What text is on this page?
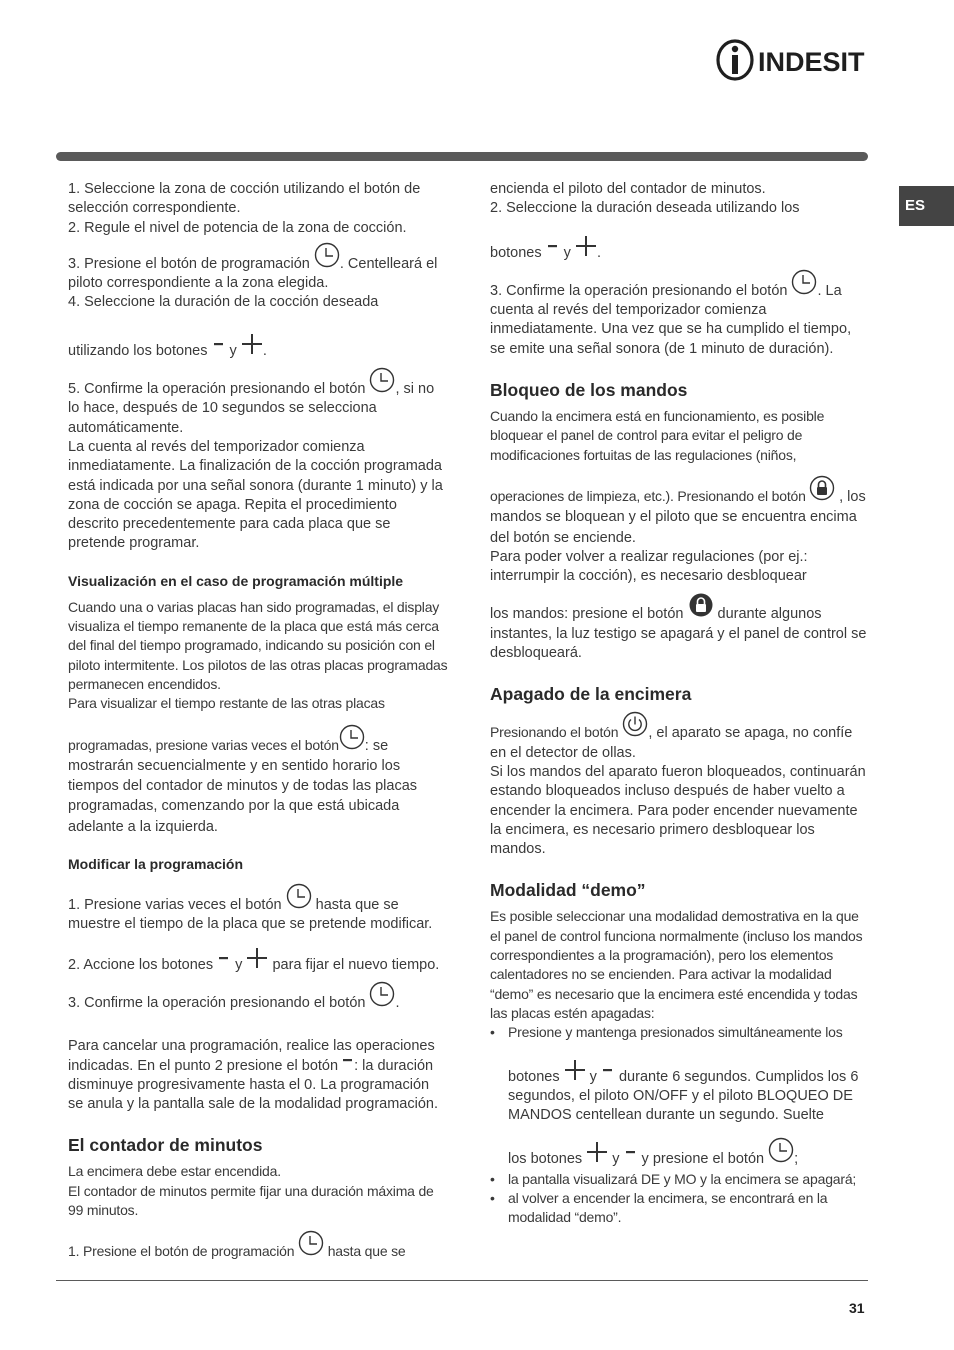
INDESIT
ES

1. Seleccione la zona de cocción utilizando el botón de selección correspondiente.

2. Regule el nivel de potencia de la zona de cocción.

3. Presione el botón de programación . Centelleará el piloto correspondiente a la zona elegida.

4. Seleccione la duración de la cocción deseada

utilizando los botones y .

5. Confirme la operación presionando el botón , si no lo hace, después de 10 segundos se selecciona automáticamente.

La cuenta al revés del temporizador comienza inmediatamente. La finalización de la cocción programada está indicada por una señal sonora (durante 1 minuto) y la zona de cocción se apaga. Repita el procedimiento descrito precedentemente para cada placa que se pretende programar.

Visualización en el caso de programación múltiple

Cuando una o varias placas han sido programadas, el display visualiza el tiempo remanente de la placa que está más cerca del final del tiempo programado, indicando su posición con el piloto intermitente. Los pilotos de las otras placas programadas permanecen encendidos.

Para visualizar el tiempo restante de las otras placas

programadas, presione varias veces el botón : se mostrarán secuencialmente y en sentido horario los tiempos del contador de minutos y de todas las placas programadas, comenzando por la que está ubicada adelante a la izquierda.

Modificar la programación

1. Presione varias veces el botón hasta que se muestre el tiempo de la placa que se pretende modificar.

2. Accione los botones y para fijar el nuevo tiempo.

3. Confirme la operación presionando el botón .

Para cancelar una programación, realice las operaciones indicadas. En el punto 2 presione el botón : la duración disminuye progresivamente hasta el 0. La programación se anula y la pantalla sale de la modalidad programación.

El contador de minutos

La encimera debe estar encendida.

El contador de minutos permite fijar una duración máxima de 99 minutos.

1. Presione el botón de programación hasta que se

encienda el piloto del contador de minutos.

2. Seleccione la duración deseada utilizando los

botones y .

3. Confirme la operación presionando el botón . La cuenta al revés del temporizador comienza inmediatamente. Una vez que se ha cumplido el tiempo, se emite una señal sonora (de 1 minuto de duración).

Bloqueo de los mandos

Cuando la encimera está en funcionamiento, es posible bloquear el panel de control para evitar el peligro de modificaciones fortuitas de las regulaciones (niños,

operaciones de limpieza, etc.). Presionando el botón , los mandos se bloquean y el piloto que se encuentra encima del botón se enciende.

Para poder volver a realizar regulaciones (por ej.: interrumpir la cocción), es necesario desbloquear

los mandos: presione el botón durante algunos instantes, la luz testigo se apagará y el panel de control se desbloqueará.

Apagado de la encimera

Presionando el botón , el aparato se apaga, no confíe en el detector de ollas.

Si los mandos del aparato fueron bloqueados, continuarán estando bloqueados incluso después de haber vuelto a encender la encimera. Para poder encender nuevamente la encimera, es necesario primero desbloquear los mandos.

Modalidad “demo”

Es posible seleccionar una modalidad demostrativa en la que el panel de control funciona normalmente (incluso los mandos correspondientes a la programación), pero los elementos calentadores no se encienden. Para activar la modalidad “demo” es necesario que la encimera esté encendida y todas las placas estén apagadas:

• Presione y mantenga presionados simultáneamente los
botones y durante 6 segundos. Cumplidos los 6 segundos, el piloto ON/OFF y el piloto BLOQUEO DE MANDOS centellean durante un segundo. Suelte
los botones y y presione el botón ;
• la pantalla visualizará DE y MO y la encimera se apagará;
• al volver a encender la encimera, se encontrará en la modalidad “demo”.
31
